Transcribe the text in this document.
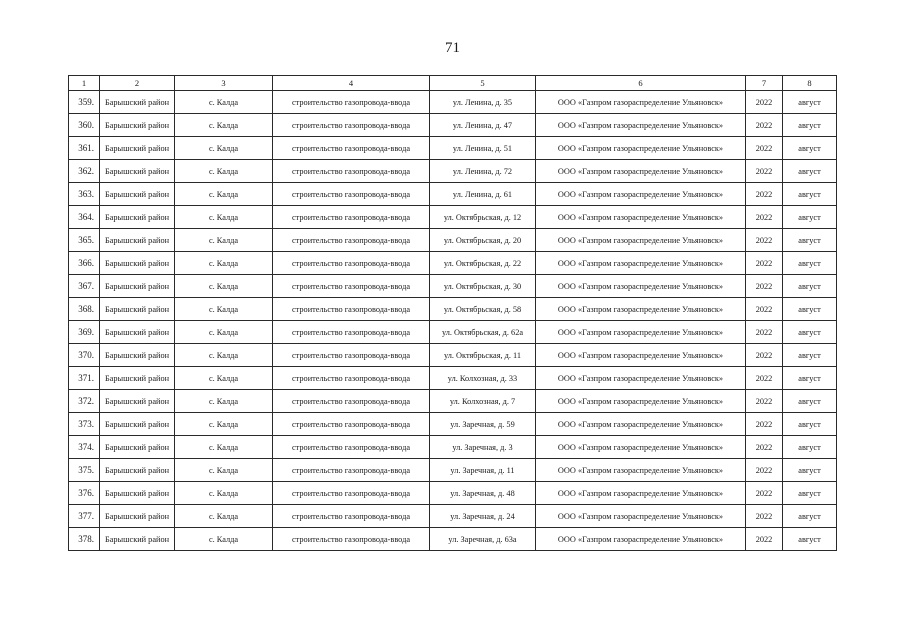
71
1	2	3	4	5	6	7	8
359.	Барышский район	с. Калда	строительство газопровода-ввода	ул. Ленина, д. 35	ООО «Газпром газораспределение Ульяновск»	2022	август
360.	Барышский район	с. Калда	строительство газопровода-ввода	ул. Ленина, д. 47	ООО «Газпром газораспределение Ульяновск»	2022	август
361.	Барышский район	с. Калда	строительство газопровода-ввода	ул. Ленина, д. 51	ООО «Газпром газораспределение Ульяновск»	2022	август
362.	Барышский район	с. Калда	строительство газопровода-ввода	ул. Ленина, д. 72	ООО «Газпром газораспределение Ульяновск»	2022	август
363.	Барышский район	с. Калда	строительство газопровода-ввода	ул. Ленина, д. 61	ООО «Газпром газораспределение Ульяновск»	2022	август
364.	Барышский район	с. Калда	строительство газопровода-ввода	ул. Октябрьская, д. 12	ООО «Газпром газораспределение Ульяновск»	2022	август
365.	Барышский район	с. Калда	строительство газопровода-ввода	ул. Октябрьская, д. 20	ООО «Газпром газораспределение Ульяновск»	2022	август
366.	Барышский район	с. Калда	строительство газопровода-ввода	ул. Октябрьская, д. 22	ООО «Газпром газораспределение Ульяновск»	2022	август
367.	Барышский район	с. Калда	строительство газопровода-ввода	ул. Октябрьская, д. 30	ООО «Газпром газораспределение Ульяновск»	2022	август
368.	Барышский район	с. Калда	строительство газопровода-ввода	ул. Октябрьская, д. 58	ООО «Газпром газораспределение Ульяновск»	2022	август
369.	Барышский район	с. Калда	строительство газопровода-ввода	ул. Октябрьская, д. 62а	ООО «Газпром газораспределение Ульяновск»	2022	август
370.	Барышский район	с. Калда	строительство газопровода-ввода	ул. Октябрьская, д. 11	ООО «Газпром газораспределение Ульяновск»	2022	август
371.	Барышский район	с. Калда	строительство газопровода-ввода	ул. Колхозная, д. 33	ООО «Газпром газораспределение Ульяновск»	2022	август
372.	Барышский район	с. Калда	строительство газопровода-ввода	ул. Колхозная, д. 7	ООО «Газпром газораспределение Ульяновск»	2022	август
373.	Барышский район	с. Калда	строительство газопровода-ввода	ул. Заречная, д. 59	ООО «Газпром газораспределение Ульяновск»	2022	август
374.	Барышский район	с. Калда	строительство газопровода-ввода	ул. Заречная, д. 3	ООО «Газпром газораспределение Ульяновск»	2022	август
375.	Барышский район	с. Калда	строительство газопровода-ввода	ул. Заречная, д. 11	ООО «Газпром газораспределение Ульяновск»	2022	август
376.	Барышский район	с. Калда	строительство газопровода-ввода	ул. Заречная, д. 48	ООО «Газпром газораспределение Ульяновск»	2022	август
377.	Барышский район	с. Калда	строительство газопровода-ввода	ул. Заречная, д. 24	ООО «Газпром газораспределение Ульяновск»	2022	август
378.	Барышский район	с. Калда	строительство газопровода-ввода	ул. Заречная, д. 63а	ООО «Газпром газораспределение Ульяновск»	2022	август
